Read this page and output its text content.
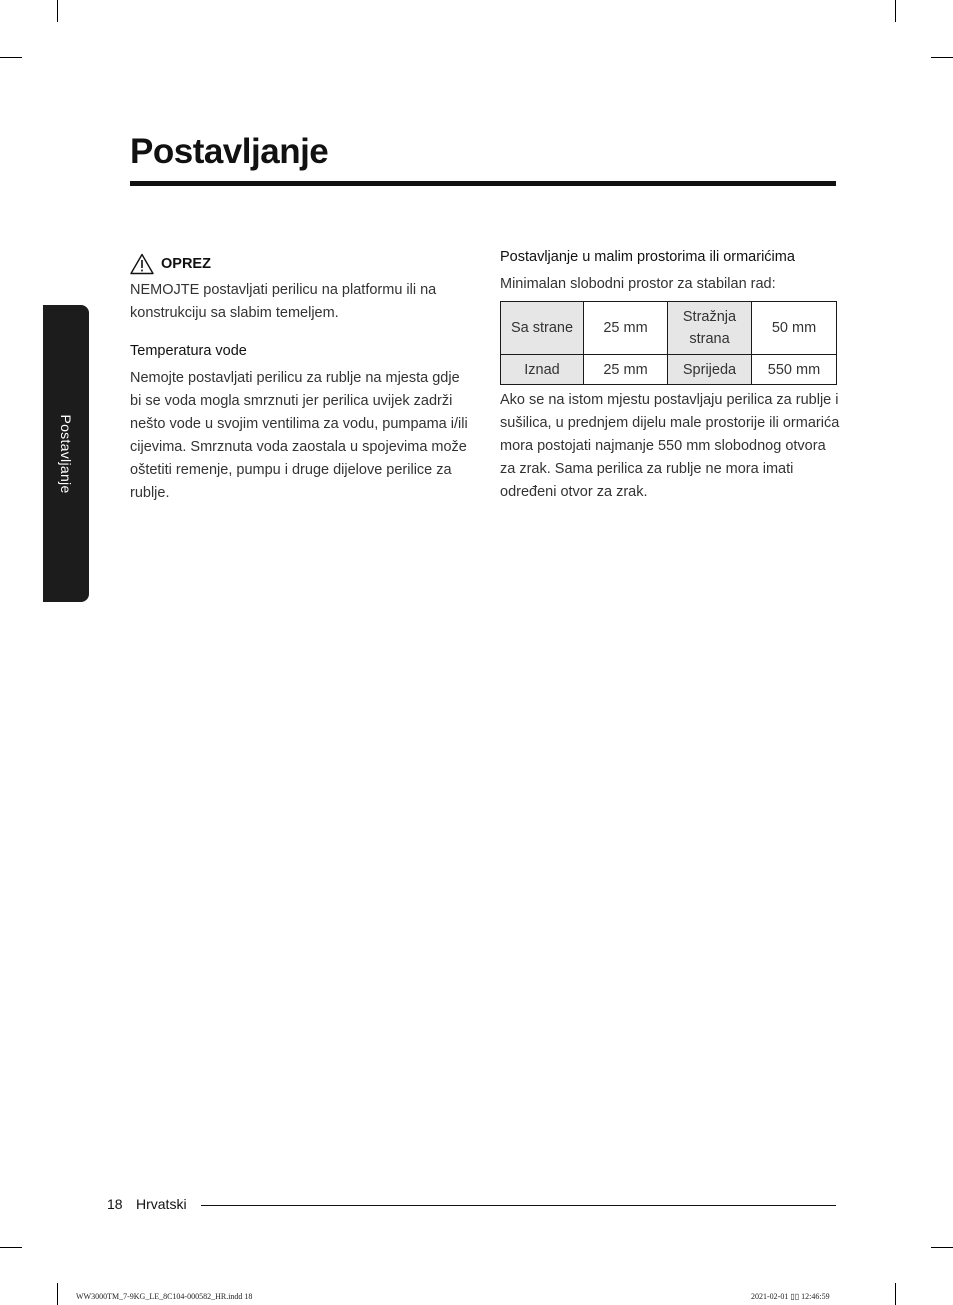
Postavljanje
Postavljanje
OPREZ

NEMOJTE postavljati perilicu na platformu ili na konstrukciju sa slabim temeljem.

Temperatura vode

Nemojte postavljati perilicu za rublje na mjesta gdje bi se voda mogla smrznuti jer perilica uvijek zadrži nešto vode u svojim ventilima za vodu, pumpama i/ili cijevima. Smrznuta voda zaostala u spojevima može oštetiti remenje, pumpu i druge dijelove perilice za rublje.

Postavljanje u malim prostorima ili ormarićima

Minimalan slobodni prostor za stabilan rad:

Sa strane	25 mm	Stražnja strana	50 mm
Iznad	25 mm	Sprijeda	550 mm

Ako se na istom mjestu postavljaju perilica za rublje i sušilica, u prednjem dijelu male prostorije ili ormarića mora postojati najmanje 550 mm slobodnog otvora za zrak. Sama perilica za rublje ne mora imati određeni otvor za zrak.

18 Hrvatski
WW3000TM_7-9KG_LE_8C104-000582_HR.indd 18	2021-02-01 ▯▯ 12:46:59
